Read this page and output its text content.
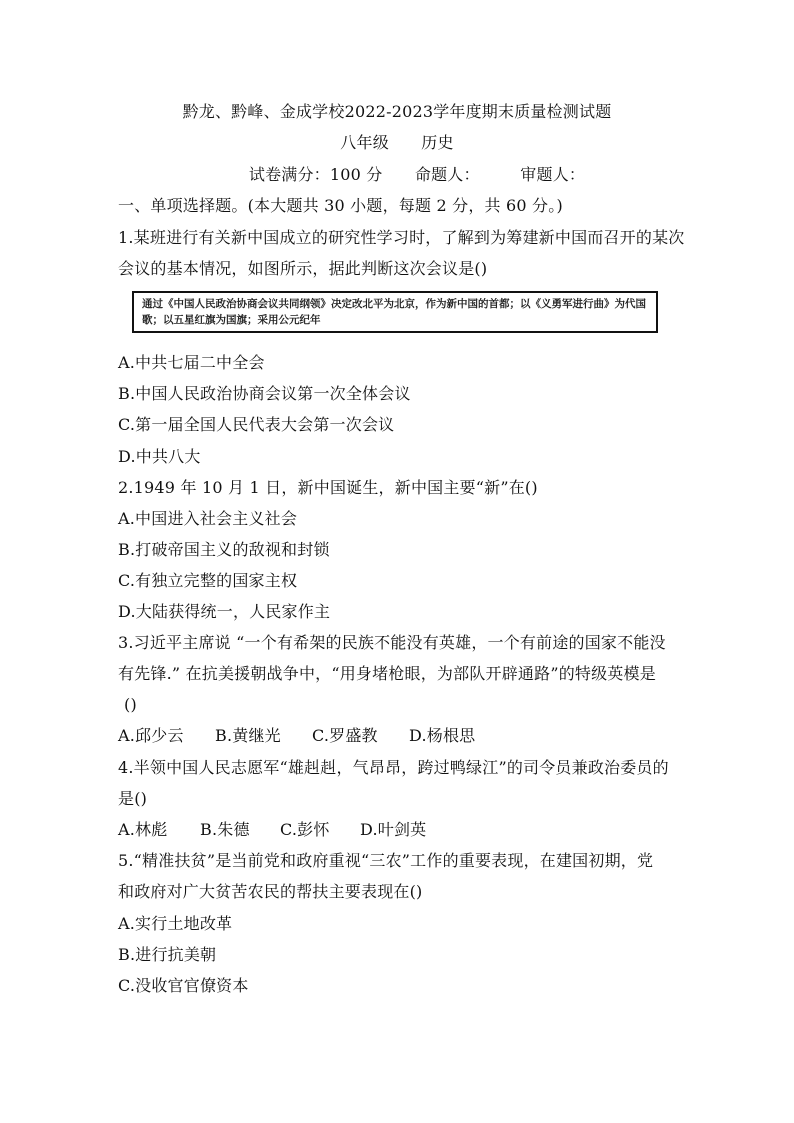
黔龙、黔峰、金成学校2022-2023学年度期末质量检测试题
八年级　　历史
试卷满分：100 分　　命题人：　　　审题人：
一、单项选择题。(本大题共 30 小题，每题 2 分，共 60 分。)
1.某班进行有关新中国成立的研究性学习时，了解到为筹建新中国而召开的某次
会议的基本情况，如图所示，据此判断这次会议是()
通过《中国人民政治协商会议共同纲领》决定改北平为北京，作为新中国的首都；以《义勇军进行曲》为代国歌；以五星红旗为国旗；采用公元纪年
A.中共七届二中全会
B.中国人民政治协商会议第一次全体会议
C.第一届全国人民代表大会第一次会议
D.中共八大
2.1949 年 10 月 1 日，新中国诞生，新中国主要“新”在()
A.中国进入社会主义社会
B.打破帝国主义的敌视和封锁
C.有独立完整的国家主权
D.大陆获得统一，人民家作主
3.习近平主席说 “一个有希架的民族不能没有英雄，一个有前途的国家不能没
有先锋.” 在抗美援朝战争中，“用身堵枪眼，为部队开辟通路”的特级英模是
()
A.邱少云 B.黄继光 C.罗盛教 D.杨根思
4.半领中国人民志愿军“雄赳赳，气昂昂，跨过鸭绿江”的司令员兼政治委员的
是()
A.林彪 B.朱德 C.彭怀 D.叶剑英
5.“精准扶贫”是当前党和政府重视“三农”工作的重要表现，在建国初期，党
和政府对广大贫苦农民的帮扶主要表现在()
A.实行土地改革
B.进行抗美朝
C.没收官官僚资本
